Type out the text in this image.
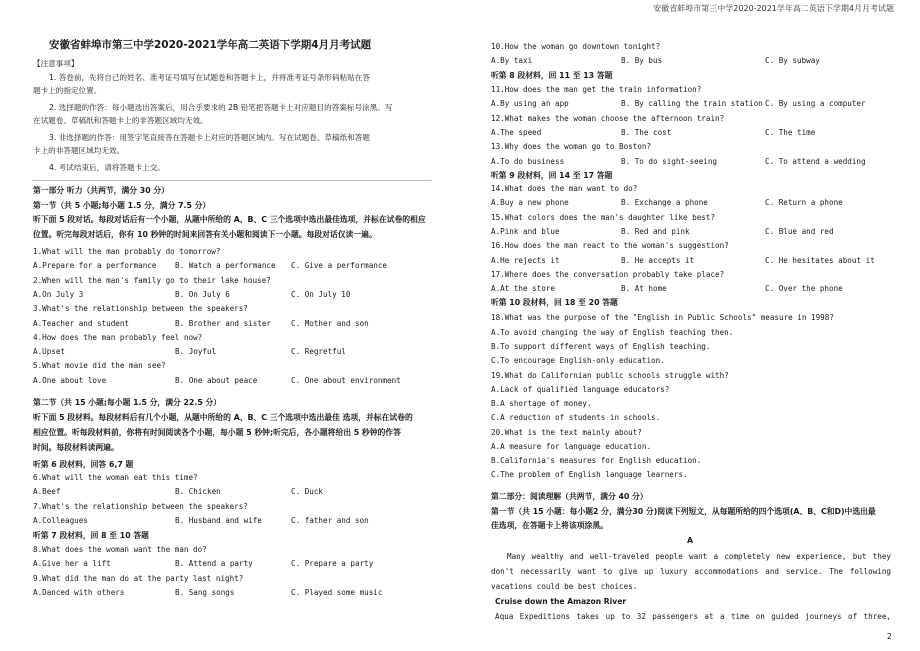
安徽省蚌埠市第三中学2020-2021学年高二英语下学期4月月考试题
安徽省蚌埠市第三中学2020-2021学年高二英语下学期4月月考试题
【注意事项】
1. 答卷前，先将自己的姓名、准考证号填写在试题卷和答题卡上，并将准考证号条形码粘贴在答
题卡上的指定位置。
2. 选择题的作答：每小题选出答案后，用合乎要求的 2B 铅笔把答题卡上对应题目的答案标号涂黑。写
在试题卷、草稿纸和答题卡上的非答题区域均无效。
3. 非选择题的作答：用签字笔直接答在答题卡上对应的答题区域内。写在试题卷、草稿纸和答题
卡上的非答题区域均无效。
4. 考试结束后，请将答题卡上交。
第一部分 听力（共两节，满分 30 分）
第一节（共 5 小题;每小题 1.5 分，满分 7.5 分）
听下面 5 段对话。每段对话后有一个小题，从题中所给的 A、B、C 三个选项中选出最佳选项，并标在试卷的相应
位置。听完每段对话后，你有 10 秒钟的时间来回答有关小题和阅读下一小题。每段对话仅读一遍。
1.What will the man probably do tomorrow?
A.Prepare for a performance B. Watch a performance C. Give a performance
2.When will the man's family go to their lake house?
A.On July 3	B. On July 6	C. On July 10
3.What's the relationship between the speakers?
A.Teacher and student	B. Brother and sister	C. Mother and son
4.How does the man probably feel now?
A.Upset	B. Joyful	C. Regretful
5.What movie did the man see?
A.One about love	B. One about peace	C. One about environment
第二节（共 15 小题;每小题 1.5 分，满分 22.5 分）
听下面 5 段材料。每段材料后有几个小题，从题中所给的 A、B、C 三个选项中选出最佳 选项，并标在试卷的
相应位置。听每段材料前，你将有时间阅读各个小题，每小题 5 秒钟;听完后，各小题将给出 5 秒钟的作答
时间。每段材料读两遍。
听第 6 段材料，回答 6,7 题
6.What will the woman eat this time?
A.Beef	B. Chicken	C. Duck
7.What's the relationship between the speakers?
A.Colleagues	B. Husband and wife	C. father and son
听第 7 段材料，回 8 至 10 答题
8.What does the woman want the man do?
A.Give her a lift	B. Attend a party	C. Prepare a party
9.What did the man do at the party last night?
A.Danced with others	B. Sang songs	C. Played some music
10.How the woman go downtown tonight?
A.By taxi	B. By bus	C. By subway
听第 8 段材料，回 11 至 13 答题
11.How does the man get the train information?
A.By using an app	B. By calling the train station C. By using a computer
12.What makes the woman choose the afternoon train?
A.The speed	B. The cost	C. The time
13.Why does the woman go to Boston?
A.To do business	B. To do sight-seeing	C. To attend a wedding
听第 9 段材料，回 14 至 17 答题
14.What does the man want to do?
A.Buy a new phone	B. Exchange a phone	C. Return a phone
15.What colors does the man's daughter like best?
A.Pink and blue	B. Red and pink	C. Blue and red
16.How does the man react to the woman's suggestion?
A.He rejects it	B. He accepts it	C. He hesitates about it
17.Where does the conversation probably take place?
A.At the store	B. At home	C. Over the phone
听第 10 段材料，回 18 至 20 答题
18.What was the purpose of the "English in Public Schools" measure in 1998?
A.To avoid changing the way of English teaching then.
B.To support different ways of English teaching.
C.To encourage English-only education.
19.What do Californian public schools struggle with?
A.Lack of qualified language educators?
B.A shortage of money.
C.A reduction of students in schools.
20.What is the text mainly about?
A.A measure for language education.
B.California's measures for English education.
C.The problem of English language learners.
第二部分：阅读理解（共两节，满分 40 分）
第一节（共 15 小题：每小题2 分，满分30 分)阅读下列短文，从每题所给的四个选项(A、B、C和D)中选出最
佳选项，在答题卡上将该项涂黑。
A
Many wealthy and well-traveled people want a completely new experience, but they
don't necessarily want to give up luxury accommodations and service. The following
vacations could be best choices.
Cruise down the Amazon River
Aqua Expeditions takes up to 32 passengers at a time on guided journeys of three,
2
